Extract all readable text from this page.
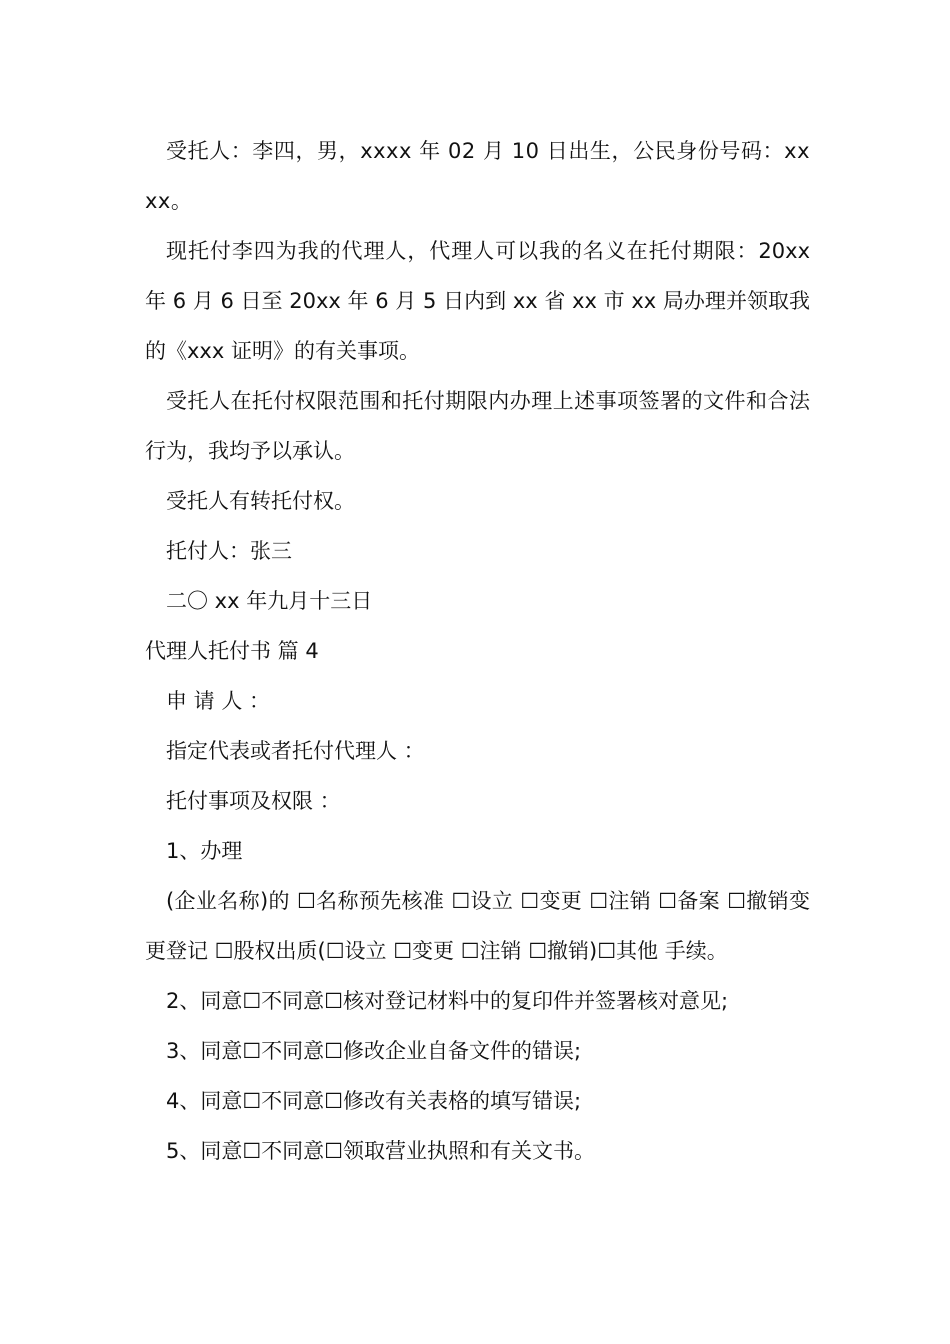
受托人：李四，男，xxxx 年 02 月 10 日出生，公民身份号码：xxxx。

现托付李四为我的代理人，代理人可以我的名义在托付期限：20xx 年 6 月 6 日至 20xx 年 6 月 5 日内到 xx 省 xx 市 xx 局办理并领取我的《xxx 证明》的有关事项。

受托人在托付权限范围和托付期限内办理上述事项签署的文件和合法行为，我均予以承认。

受托人有转托付权。

托付人：张三

二〇 xx 年九月十三日

代理人托付书 篇 4

申 请 人 ：

指定代表或者托付代理人 ：

托付事项及权限 ：

1、办理

(企业名称)的 ☐名称预先核准 ☐设立 ☐变更 ☐注销 ☐备案 ☐撤销变更登记 ☐股权出质(☐设立 ☐变更 ☐注销 ☐撤销)☐其他 手续。

2、同意☐不同意☐核对登记材料中的复印件并签署核对意见;

3、同意☐不同意☐修改企业自备文件的错误;

4、同意☐不同意☐修改有关表格的填写错误;

5、同意☐不同意☐领取营业执照和有关文书。
